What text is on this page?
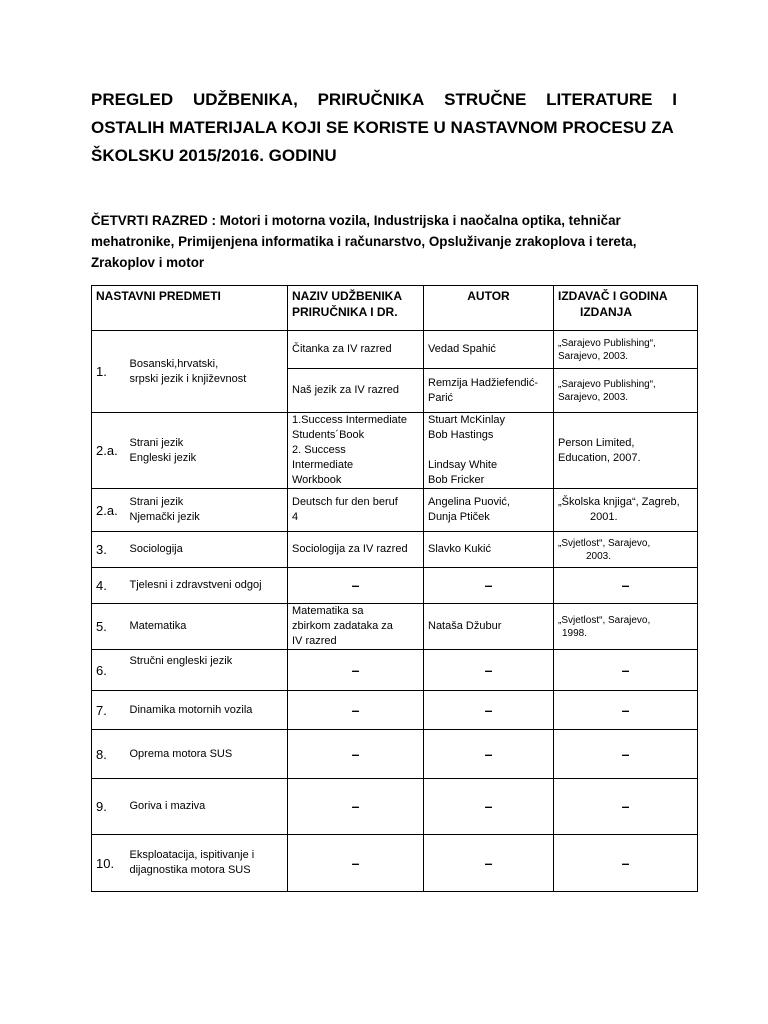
PREGLED UDŽBENIKA, PRIRUČNIKA STRUČNE LITERATURE I
OSTALIH MATERIJALA KOJI SE KORISTE U NASTAVNOM PROCESU ZA
ŠKOLSKU 2015/2016. GODINU
ČETVRTI RAZRED : Motori i motorna vozila, Industrijska i naočalna optika, tehničar
mehatronike, Primijenjena informatika i računarstvo, Opsluživanje zrakoplova i tereta,
Zrakoplov i motor
NASTAVNI PREDMETI		NAZIV UDŽBENIKA
PRIRUČNIKA I DR.	AUTOR	IZDAVAČ I GODINA
IZDANJA

1.	Bosanski,hrvatski,
srpski jezik i književnost	Čitanka za IV razred	Vedad Spahić	„Sarajevo Publishing“,
Sarajevo, 2003.

		Naš jezik za IV razred	Remzija Hadžiefendić-
Parić	„Sarajevo Publishing“,
Sarajevo, 2003.

2.a.	Strani jezik
Engleski jezik	1.Success Intermediate
Students´Book
2. Success
Intermediate
Workbook	Stuart McKinlay
Bob Hastings
Lindsay White
Bob Fricker	Person Limited,
Education, 2007.

2.a.	Strani jezik
Njemački jezik	Deutsch fur den beruf
4	Angelina Puović,
Dunja Ptiček	„Školska knjiga“, Zagreb,
2001.

3.	Sociologija	Sociologija za IV razred	Slavko Kukić	„Svjetlost“, Sarajevo,
2003.

4.	Tjelesni i zdravstveni odgoj	–	–	–
5.	Matematika	Matematika sa
zbirkom zadataka za
IV razred	Nataša Džubur	„Svjetlost“, Sarajevo,
1998.

6.	Stručni engleski jezik	–	–	–
7.	Dinamika motornih vozila	–	–	–
8.	Oprema motora SUS	–	–	–
9.	Goriva i maziva	–	–	–
10.	Eksploatacija, ispitivanje i
dijagnostika motora SUS	–	–	–
